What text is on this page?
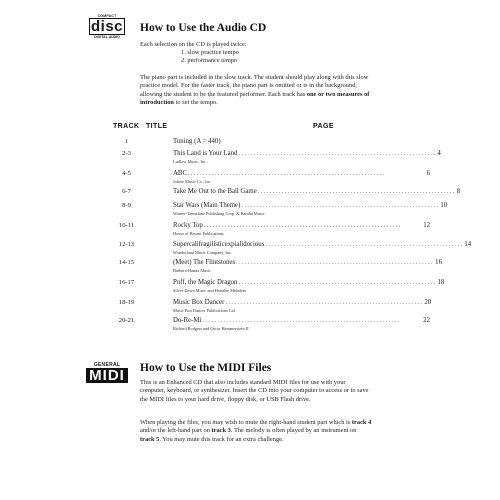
COMPACT
disc
DIGITAL AUDIO
How to Use the Audio CD

Each selection on the CD is played twice:

1. slow practice tempo
2. performance tempo

The piano part is included in the slow track. The student should play along with this slow practice model. For the faster track, the piano part is omitted or is in the background, allowing the student to be the featured performer. Each track has one or two measures of introduction to set the tempo.

TRACK TITLE	PAGE
1	Tuning (A = 440)
2-3	This Land is Your Land .................................................................. 4
Ludlow Music, Inc.
4-5	ABC ..................................................................	6
Jobete Music Co., Inc.
6-7	Take Me Out to the Ball Game .................................................................. 8
8-9	Star Wars (Main Theme) .................................................................. 10
Warner-Tamerlane Publishing Corp. & Bantha Music
10-11	Rocky Top ..................................................................	12
House of Bryant Publications
12-13	Supercalifragilisticexpialidocious .................................................................. 14
Wonderland Music Company, Inc.
14-15	(Meet) The Flintstones .................................................................. 16
Barbera-Hanna Music
16-17	Puff, the Magic Dragon .................................................................. 18
Silver Dawn Music and Honalee Melodies
18-19	Music Box Dancer .................................................................. 20
Music Box Dancer Publications Ltd.
20-21	Do-Re-Mi ..................................................................	22
Richard Rodgers and Oscar Hammerstein II
GENERAL
MIDI How to Use the MIDI Files

This is an Enhanced CD that also includes standard MIDI files for use with your computer, keyboard, or synthesizer. Insert the CD into your computer to access or to save the MIDI files to your hard drive, floppy disk, or USB Flash drive.

When playing the files, you may wish to mute the right-hand student part which is track 4 and/or the left-hand part on track 3. The melody is often played by an instrument on track 5. You may mute this track for an extra challenge.
